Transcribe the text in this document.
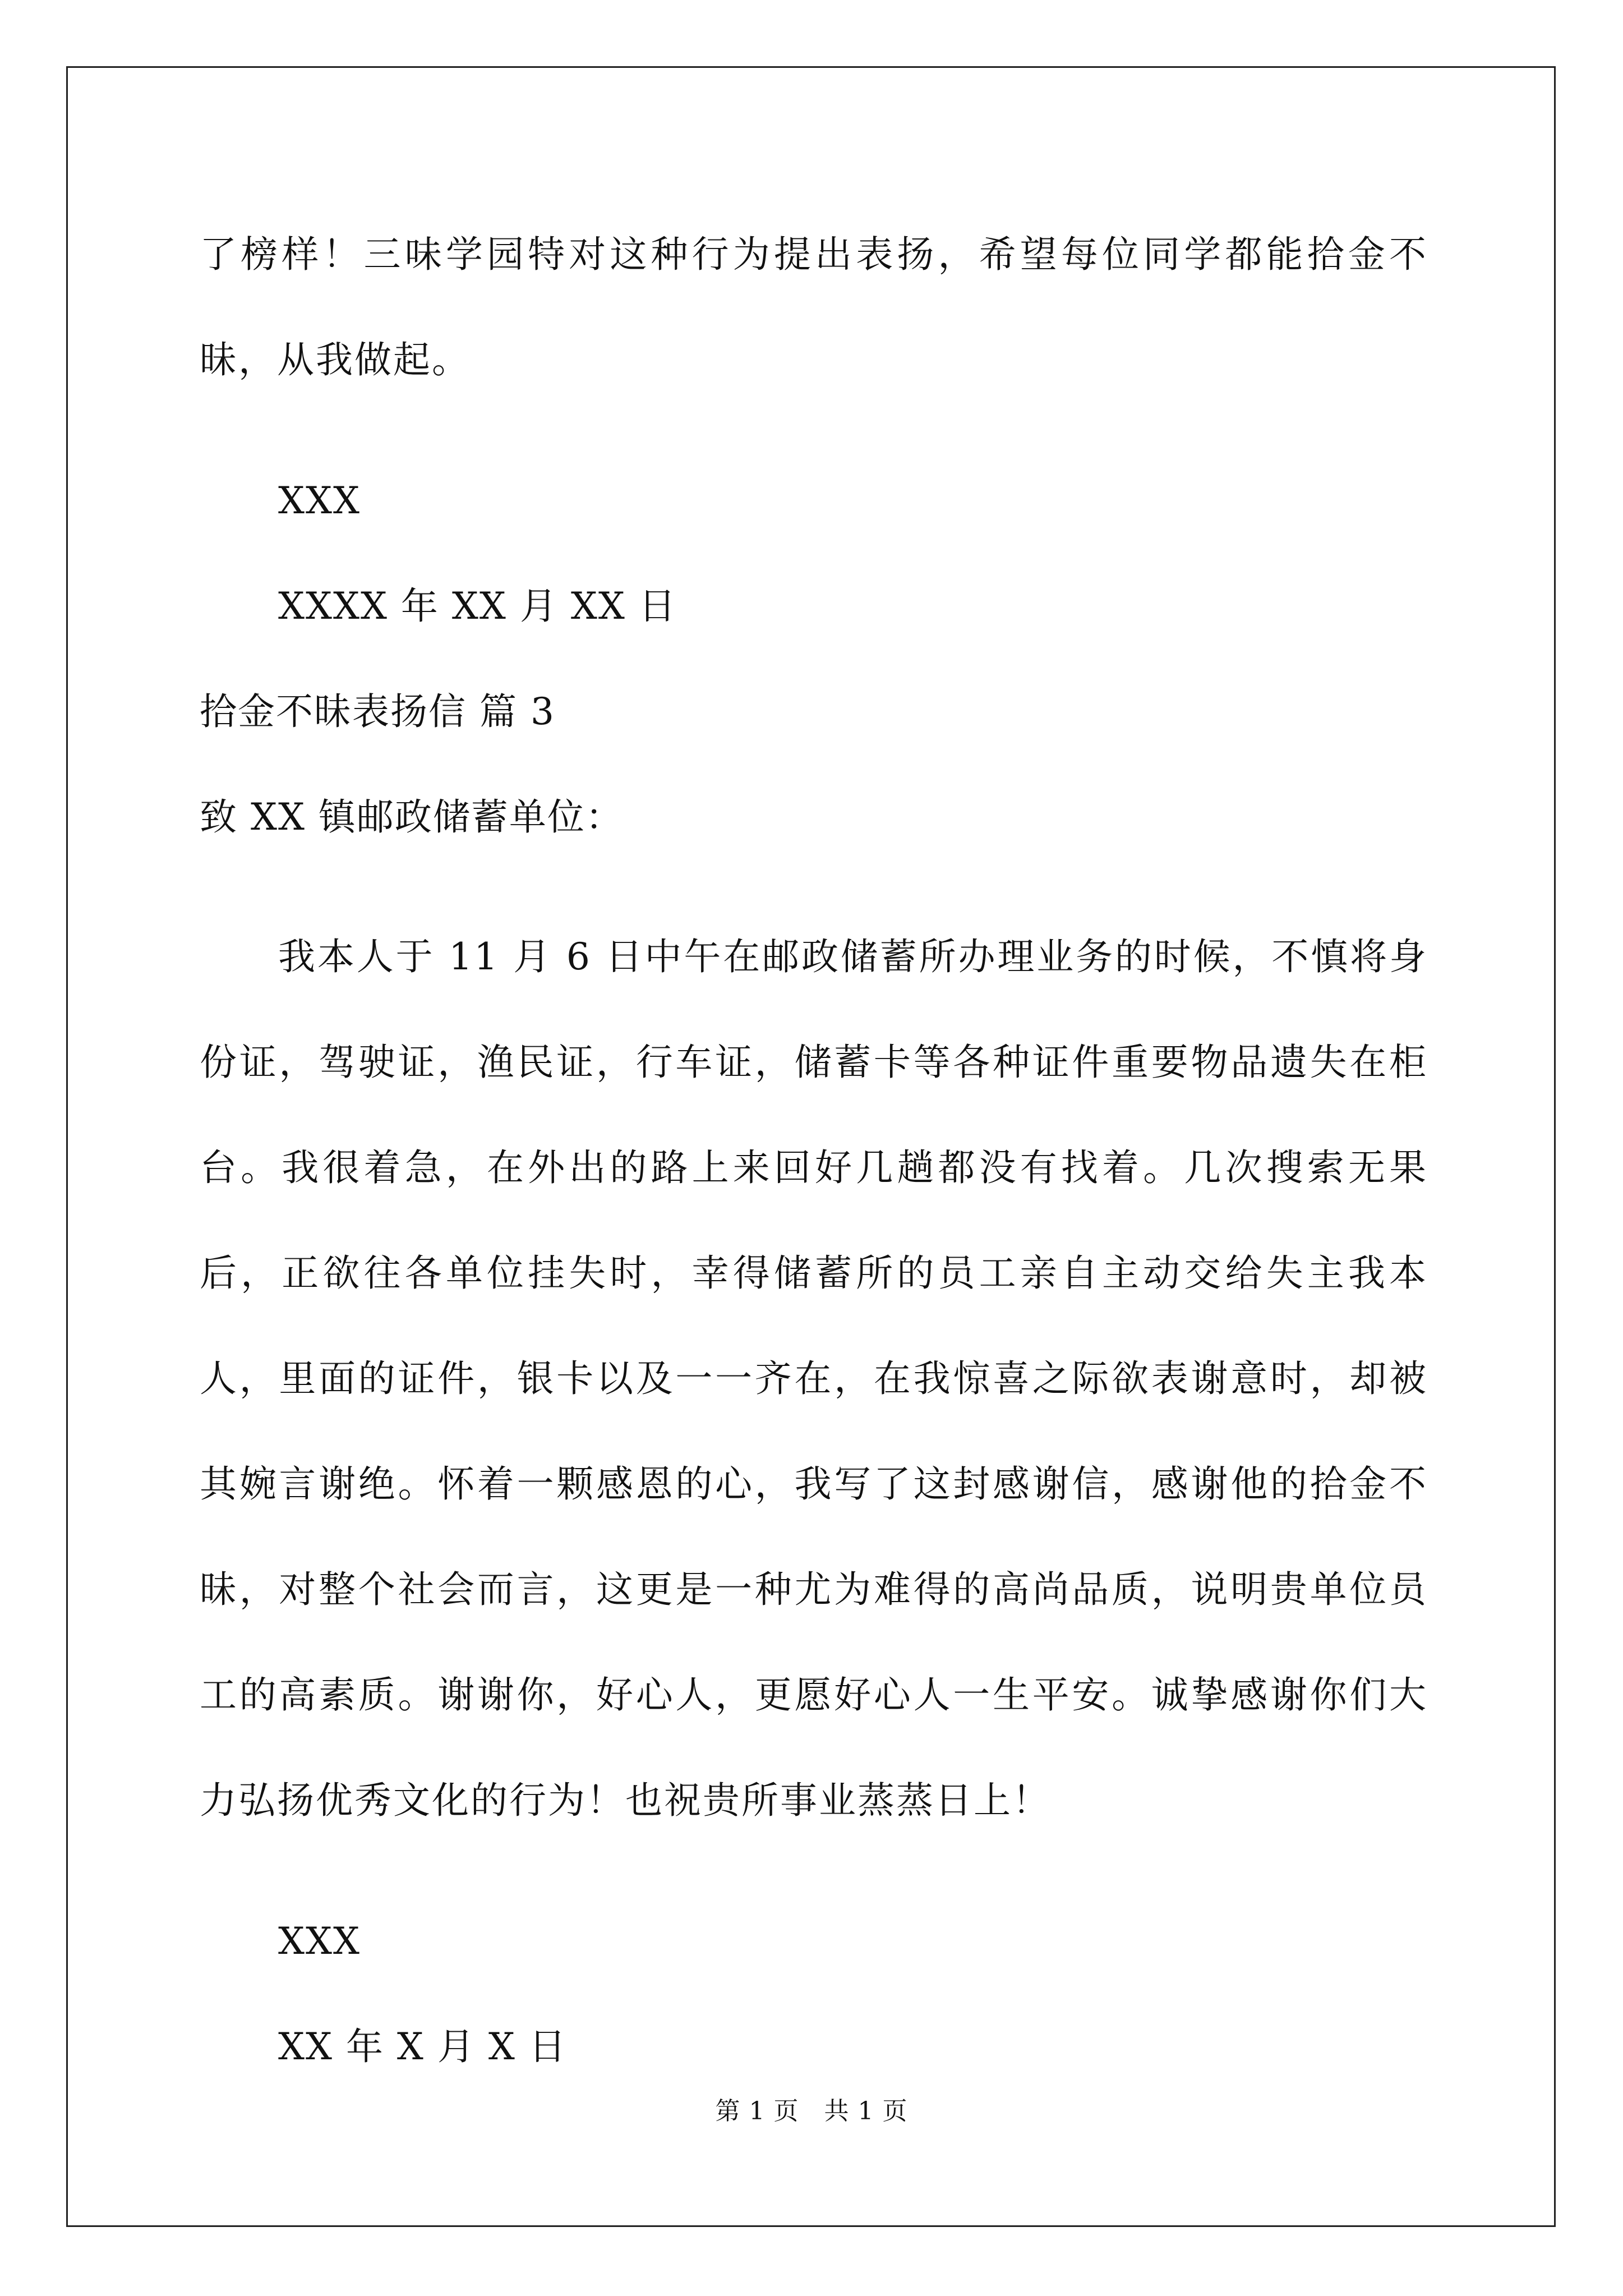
了榜样！三味学园特对这种行为提出表扬，希望每位同学都能拾金不昧，从我做起。
XXX
XXXX 年 XX 月 XX 日
拾金不昧表扬信 篇 3
致 XX 镇邮政储蓄单位：
我本人于 11 月 6 日中午在邮政储蓄所办理业务的时候，不慎将身份证，驾驶证，渔民证，行车证，储蓄卡等各种证件重要物品遗失在柜台。我很着急，在外出的路上来回好几趟都没有找着。几次搜索无果后，正欲往各单位挂失时，幸得储蓄所的员工亲自主动交给失主我本人，里面的证件，银卡以及一一齐在，在我惊喜之际欲表谢意时，却被其婉言谢绝。怀着一颗感恩的心，我写了这封感谢信，感谢他的拾金不昧，对整个社会而言，这更是一种尤为难得的高尚品质，说明贵单位员工的高素质。谢谢你，好心人，更愿好心人一生平安。诚挚感谢你们大力弘扬优秀文化的行为！也祝贵所事业蒸蒸日上！
XXX
XX 年 X 月 X 日
第 1 页　共 1 页
